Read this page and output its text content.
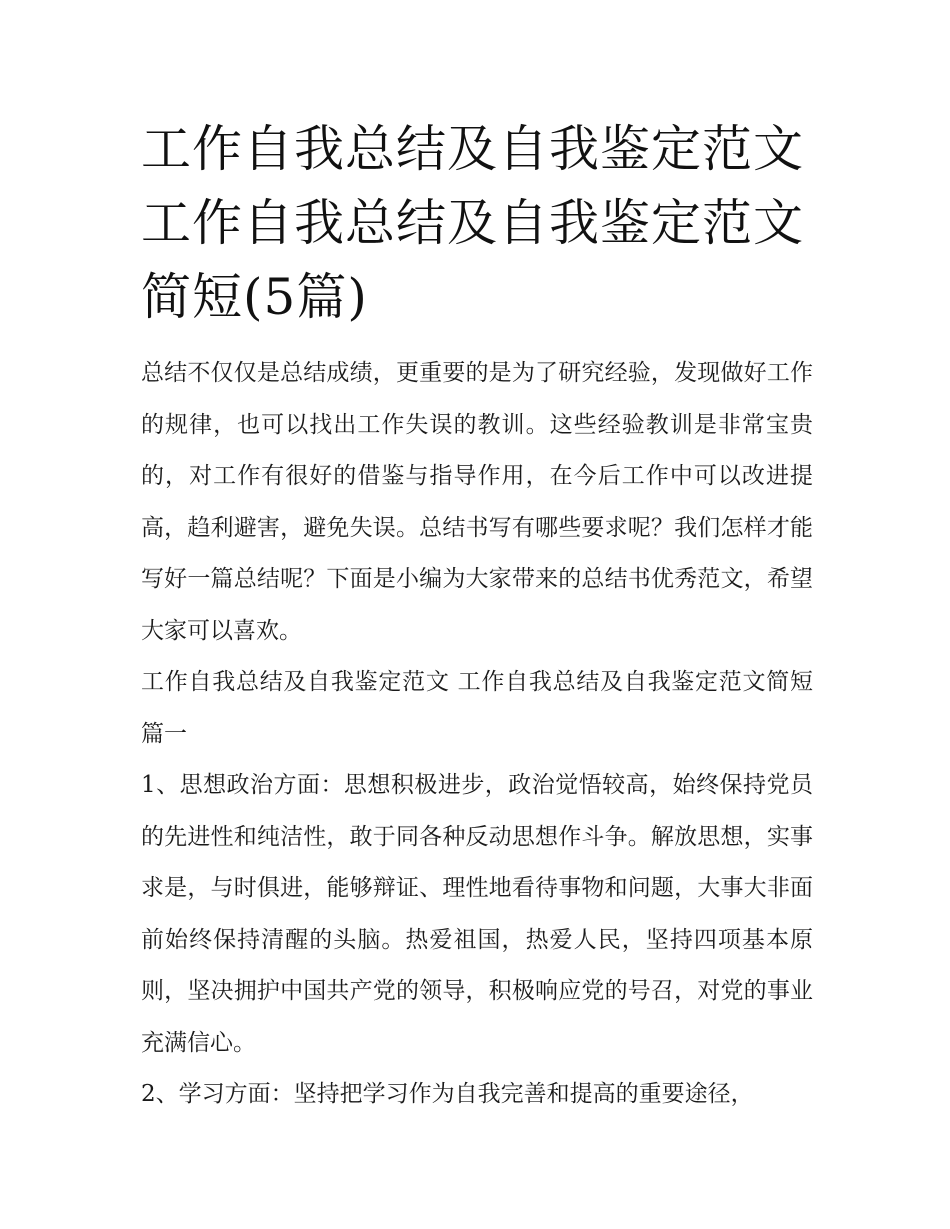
工作自我总结及自我鉴定范文工作自我总结及自我鉴定范文简短(5篇)

总结不仅仅是总结成绩，更重要的是为了研究经验，发现做好工作的规律，也可以找出工作失误的教训。这些经验教训是非常宝贵的，对工作有很好的借鉴与指导作用，在今后工作中可以改进提高，趋利避害，避免失误。总结书写有哪些要求呢？我们怎样才能写好一篇总结呢？下面是小编为大家带来的总结书优秀范文，希望大家可以喜欢。

工作自我总结及自我鉴定范文 工作自我总结及自我鉴定范文简短篇一

1、思想政治方面：思想积极进步，政治觉悟较高，始终保持党员的先进性和纯洁性，敢于同各种反动思想作斗争。解放思想，实事求是，与时俱进，能够辩证、理性地看待事物和问题，大事大非面前始终保持清醒的头脑。热爱祖国，热爱人民，坚持四项基本原则，坚决拥护中国共产党的领导，积极响应党的号召，对党的事业充满信心。

2、学习方面：坚持把学习作为自我完善和提高的重要途径，
